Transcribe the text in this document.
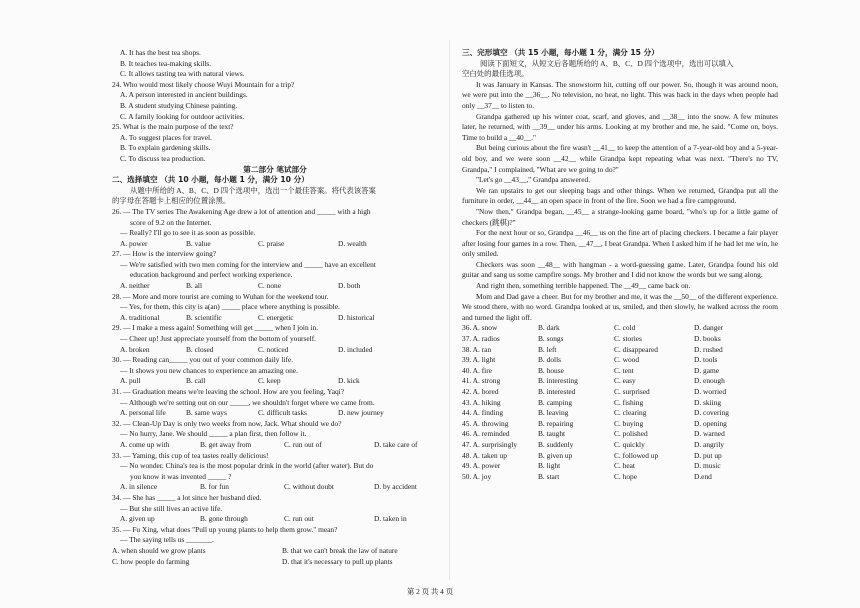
A. It has the best tea shops.
B. It teaches tea-making skills.
C. It allows tasting tea with natural views.
24. Who would most likely choose Wuyi Mountain for a trip?
A. A person interested in ancient buildings.
B. A student studying Chinese painting.
C. A family looking for outdoor activities.
25. What is the main purpose of the text?
A. To suggest places for travel.
B. To explain gardening skills.
C. To discuss tea production.
第二部分 笔试部分
二、选择填空 （共 10 小题，每小题 1 分，满分 10 分）
从题中所给的 A、B、C、D 四个选项中，选出一个最佳答案。将代表该答案
的字母在答题卡上相应的位置涂黑。
26. — The TV series The Awakening Age drew a lot of attention and _____ with a high
score of 9.2 on the Internet.
— Really? I'll go to see it as soon as possible.
A. power	B. value	C. praise	D. wealth
27. — How is the interview going?
— We're satisfied with two men coming for the interview and _____ have an excellent
education background and perfect working experience.
A. neither	B. all	C. none	D. both
28. — More and more tourist are coming to Wuhan for the weekend tour.
— Yes, for them, this city is a(an) _____ place where anything is possible.
A. traditional	B. scientific	C. energetic	D. historical
29. — I make a mess again! Something will get _____ when I join in.
— Cheer up! Just appreciate yourself from the bottom of yourself.
A. broken	B. closed	C. noticed	D. included
30. — Reading can_____ you out of your common daily life.
— It shows you new chances to experience an amazing one.
A. pull	B. call	C. keep	D. kick
31. — Graduation means we're leaving the school. How are you feeling, Yaqi?
— Although we're setting out on our _____, we shouldn't forget where we came from.
A. personal life	B. same ways	C. difficult tasks	D. new journey
32. — Clean-Up Day is only two weeks from now, Jack. What should we do?
— No hurry, Jane. We should _____ a plan first, then follow it.
A. come up with	B. get away from	C. run out of	D. take care of
33. — Yaming, this cup of tea tastes really delicious!
— No wonder. China's tea is the most popular drink in the world (after water). But do
you know it was invented _____ ?
A. in silence	B. for fun	C. without doubt	D. by accident
34. — She has _____ a lot since her husband died.
— But she still lives an active life.
A. given up	B. gone through	C. run out	D. taken in
35. — Fu Xing, what does "Pull up young plants to help them grow." mean?
— The saying tells us _______.
A. when should we grow plants	B. that we can't break the law of nature
C. how people do farming	D. that it's necessary to pull up plants
三、完形填空 （共 15 小题，每小题 1 分，满分 15 分）
阅读下面短文，从短文后各题所给的 A、B、C、D 四个选项中，选出可以填入
空白处的最佳选项。
It was January in Kansas. The snowstorm hit, cutting off our power. So, though it was around noon, we were put into the __36__. No television, no heat, no light. This was back in the days when people had only __37__ to listen to.
Grandpa gathered up his winter coat, scarf, and gloves, and __38__ into the snow. A few minutes later, he returned, with __39__ under his arms. Looking at my brother and me, he said. "Come on, boys. Time to build a __40__."
But being curious about the fire wasn't __41__ to keep the attention of a 7-year-old boy and a 5-year-old boy, and we were soon __42__ while Grandpa kept repeating what was next. "There's no TV, Grandpa," I complained, "What are we going to do?"
"Let's go __43__," Grandpa answered.
We ran upstairs to get our sleeping bags and other things. When we returned, Grandpa put all the furniture in order, __44__ an open space in front of the fire. Soon we had a fire campground.
"Now then," Grandpa began, __45__ a strange-looking game board, "who's up for a little game of checkers (跳棋)?"
For the next hour or so, Grandpa __46__ us on the fine art of placing checkers. I became a fair player after losing four games in a row. Then, __47__, I beat Grandpa. When I asked him if he had let me win, he only smiled.
Checkers was soon __48__ with hangman - a word-guessing game. Later, Grandpa found his old guitar and sang us some campfire songs. My brother and I did not know the words but we sang along.
And right then, something terrible happened. The __49__ came back on.
Mom and Dad gave a cheer. But for my brother and me, it was the __50__ of the different experience. We stood there, with no word. Grandpa looked at us, smiled, and then slowly, he walked across the room and turned the light off.
36. A. snow	B. dark	C. cold	D. danger
37. A. radios	B. songs	C. stories	D. books
38. A. ran	B. left	C. disappeared	D. rushed
39. A. light	B. dolls	C. wood	D. tools
40. A. fire	B. house	C. tent	D. game
41. A. strong	B. interesting	C. easy	D. enough
42. A. bored	B. interested	C. surprised	D. worried
43. A. hiking	B. camping	C. fishing	D. skiing
44. A. finding	B. leaving	C. clearing	D. covering
45. A. throwing	B. repairing	C. buying	D. opening
46. A. reminded	B. taught	C. polished	D. warned
47. A. surprisingly	B. suddenly	C. quickly	D. angrily
48. A. taken up	B. given up	C. followed up	D. put up
49. A. power	B. light	C. heat	D. music
50. A. joy	B. start	C. hope	D.end
第 2 页 共 4 页
